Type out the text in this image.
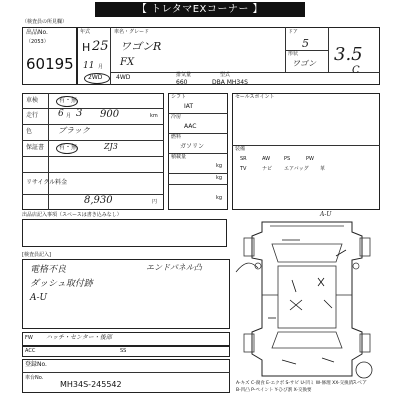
【 トレタマEXコーナー 】
（検査員の所見欄）
出品No.
（2053）
60195
年式
H 25
11 月
車名・グレード
ワゴンR
FX
ドア
5
形状
ワゴン 3.5
C
2WD 4WD	排気量
660
型式
DBA MH34S
車検	有・無
走行 6 月 3 900	km
色	ブラック
保証書 有・無	ZJ3
リサイクル料金
8,930	円
シフト
IAT
冷房
AAC
燃料
ガソリン
積載量
kg
kg
kg
セールスポイント
装備
SR	AW	PS	PW
TV	ナビ エアバッグ 革
出品店記入事項（スペースは書き込みなし）
[検査員記入]
電格不良
ダッシュ取付跡
A-U
エンドパネル凸
FW ハッチ・センター・後部
ACC	SS
登録No.
車台No.
MH34S-245542
A-U
スペア
A-キズ C-腐食 E-エクボ S-サビ U-凹ミ W-修理 XX-交換済
B-凹凸 P-ペイント Y-ひび割 X-交換要
